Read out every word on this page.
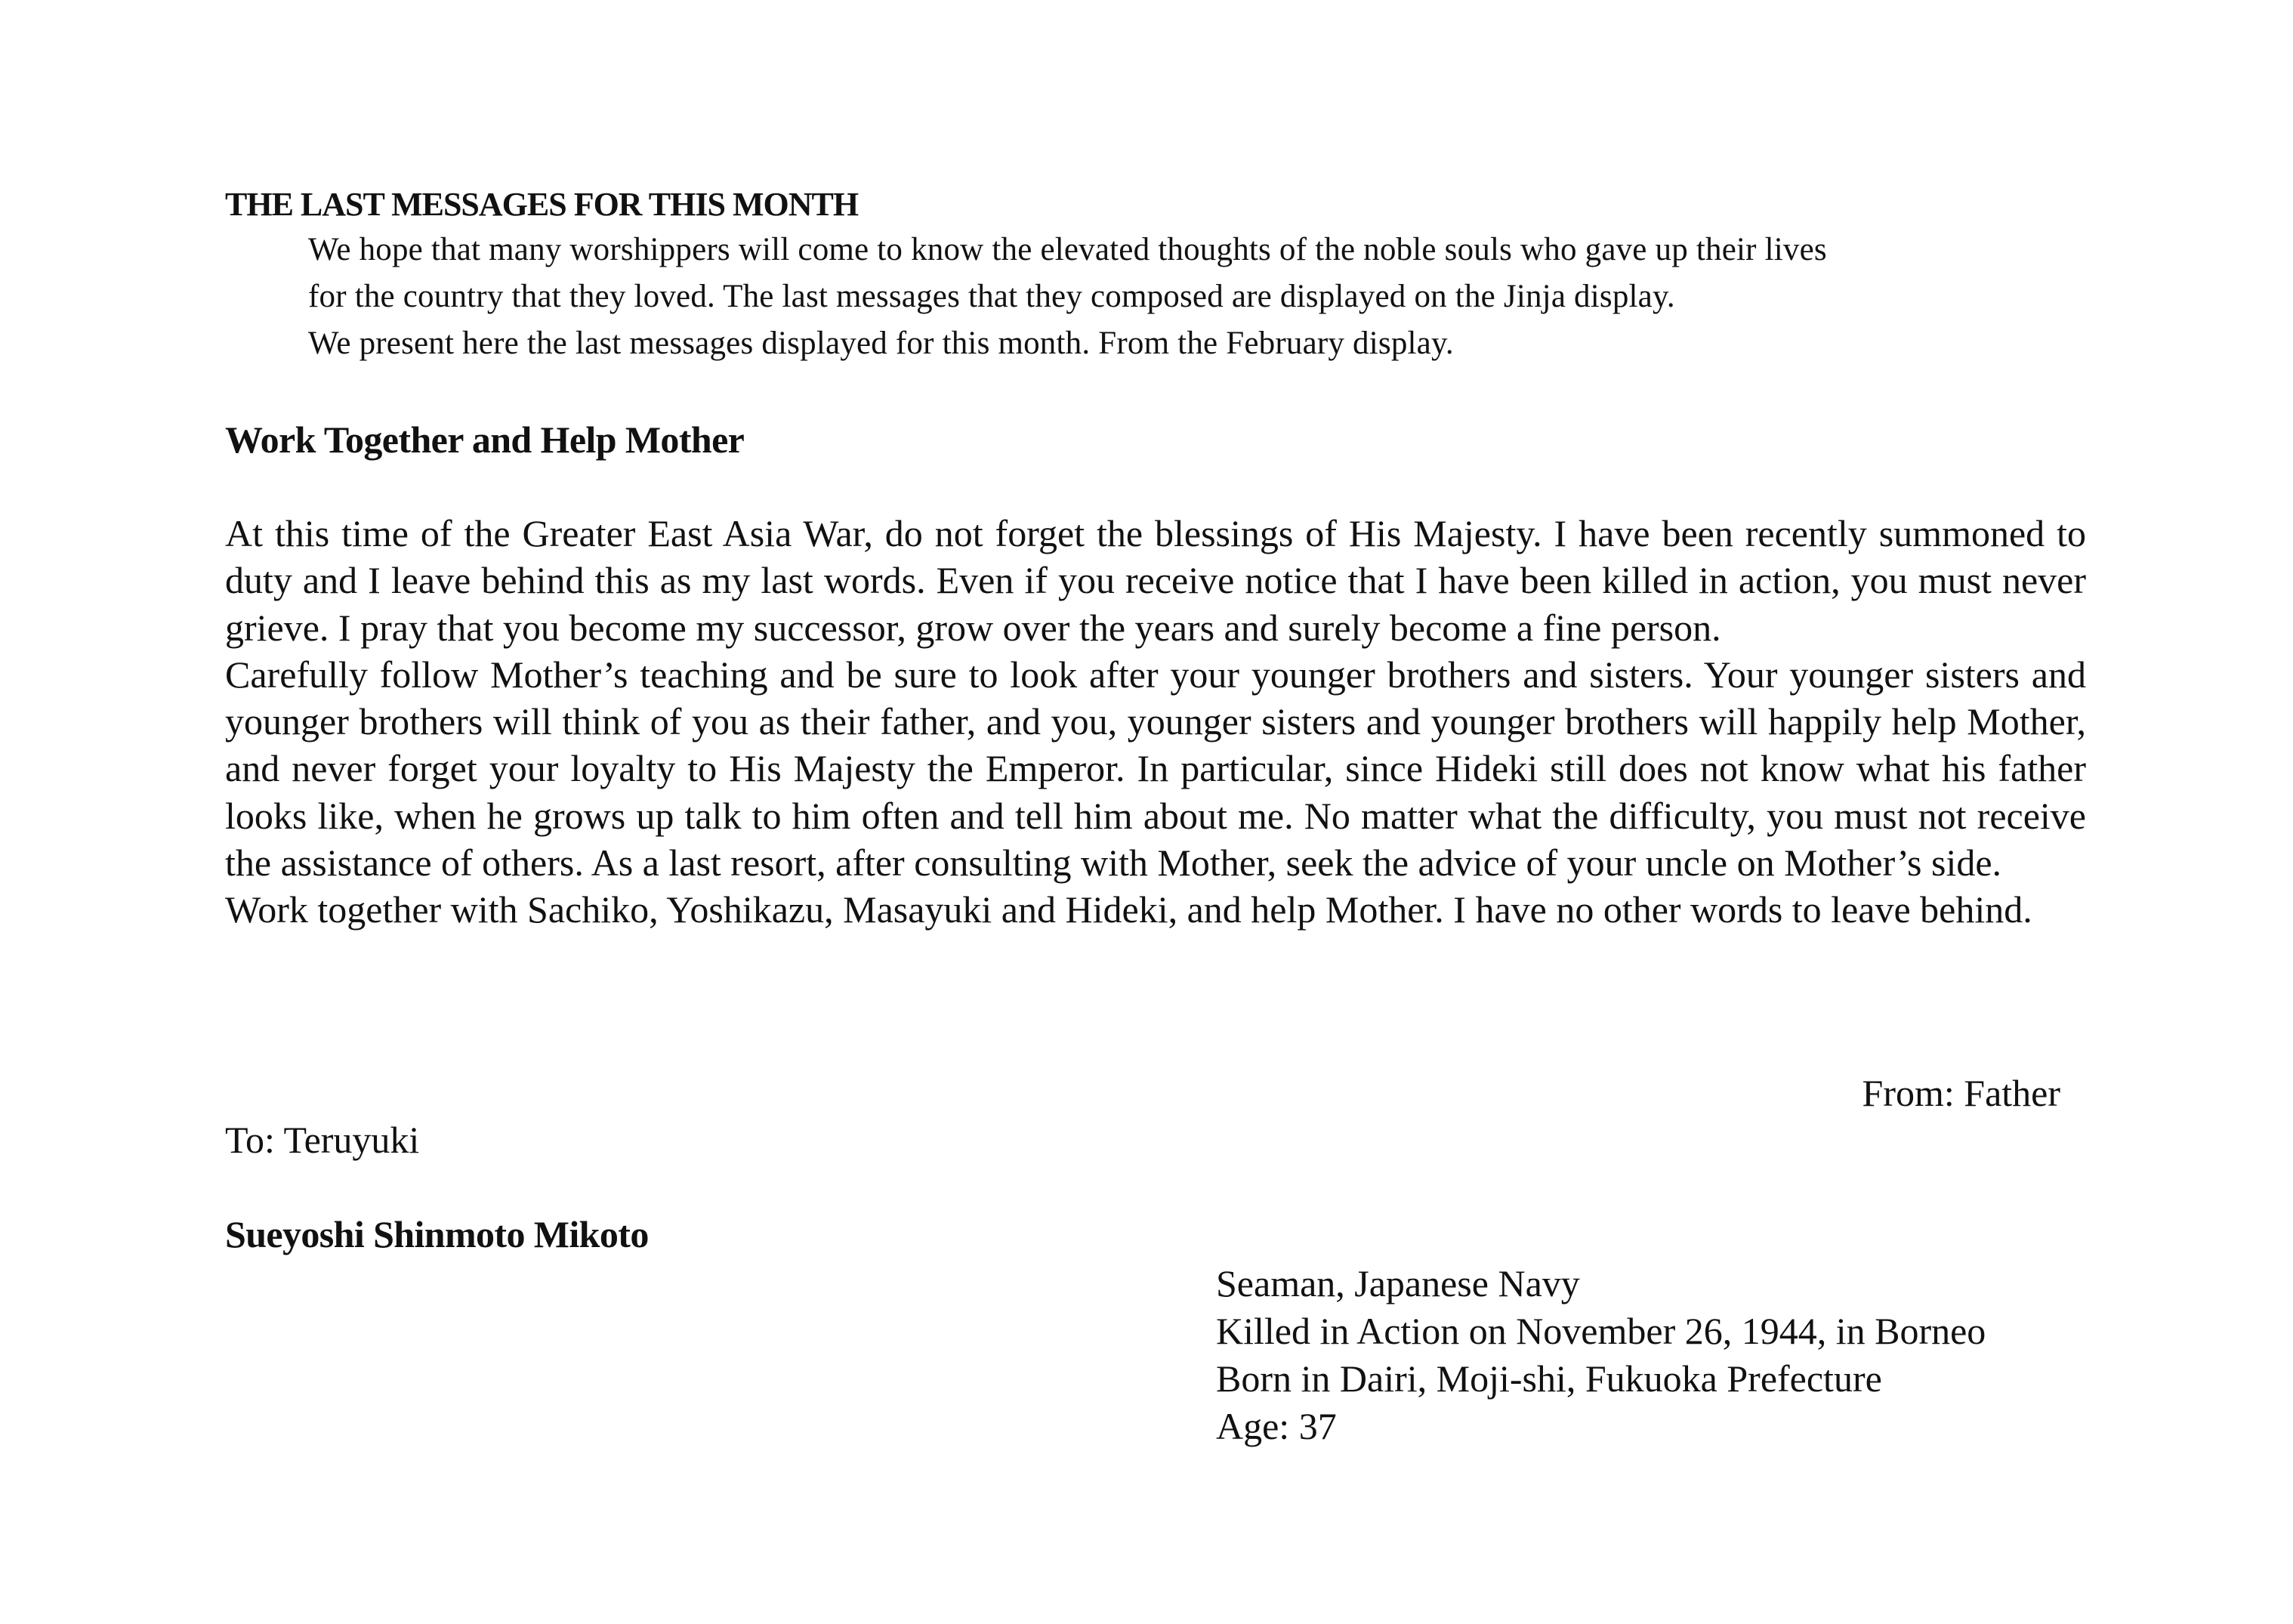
THE LAST MESSAGES FOR THIS MONTH
We hope that many worshippers will come to know the elevated thoughts of the noble souls who gave up their lives
for the country that they loved. The last messages that they composed are displayed on the Jinja display.
We present here the last messages displayed for this month. From the February display.
Work Together and Help Mother

At this time of the Greater East Asia War, do not forget the blessings of His Majesty. I have been recently summoned to duty and I leave behind this as my last words. Even if you receive notice that I have been killed in action, you must never grieve. I pray that you become my successor, grow over the years and surely become a fine person.

Carefully follow Mother’s teaching and be sure to look after your younger brothers and sisters. Your younger sisters and younger brothers will think of you as their father, and you, younger sisters and younger brothers will happily help Mother, and never forget your loyalty to His Majesty the Emperor. In particular, since Hideki still does not know what his father looks like, when he grows up talk to him often and tell him about me. No matter what the difficulty, you must not receive the assistance of others. As a last resort, after consulting with Mother, seek the advice of your uncle on Mother’s side.

Work together with Sachiko, Yoshikazu, Masayuki and Hideki, and help Mother. I have no other words to leave behind.

From: Father
To: Teruyuki
Sueyoshi Shinmoto Mikoto
Seaman, Japanese Navy
Killed in Action on November 26, 1944, in Borneo
Born in Dairi, Moji-shi, Fukuoka Prefecture
Age: 37
